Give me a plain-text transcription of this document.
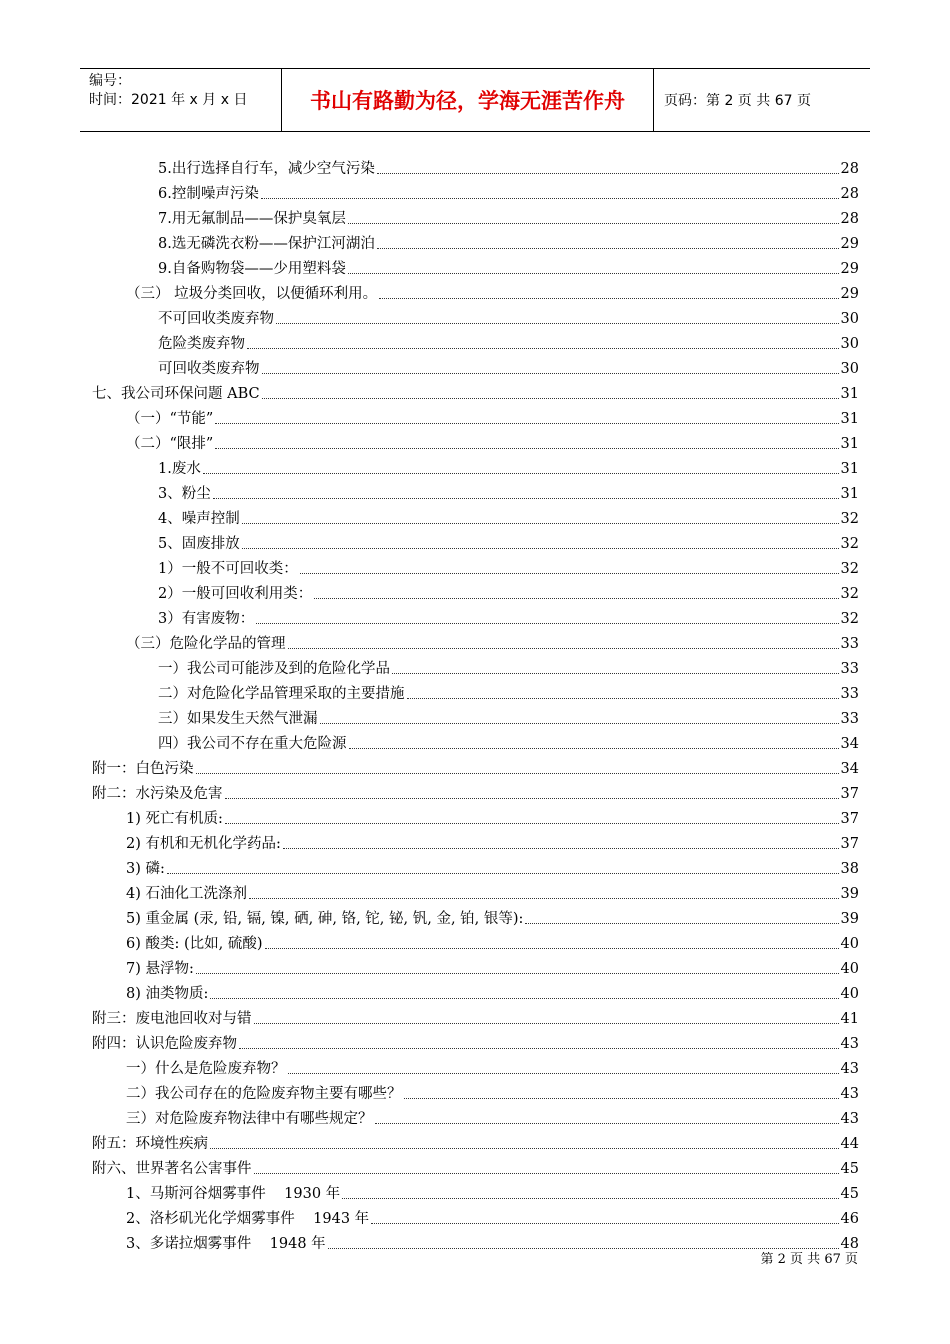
编号：
时间：2021 年 x 月 x 日	书山有路勤为径，学海无涯苦作舟	页码：第 2 页 共 67 页
5.出行选择自行车，减少空气污染	28
6.控制噪声污染	28
7.用无氟制品——保护臭氧层	28
8.选无磷洗衣粉——保护江河湖泊	29
9.自备购物袋——少用塑料袋	29
（三） 垃圾分类回收，以便循环利用。	29
不可回收类废弃物	30
危险类废弃物	30
可回收类废弃物	30
七、我公司环保问题 ABC	31
（一）“节能”	31
（二）“限排”	31
1.废水	31
3、粉尘	31
4、噪声控制	32
5、固废排放	32
1）一般不可回收类：	32
2）一般可回收利用类：	32
3）有害废物：	32
（三）危险化学品的管理	33
一）我公司可能涉及到的危险化学品	33
二）对危险化学品管理采取的主要措施	33
三）如果发生天然气泄漏	33
四）我公司不存在重大危险源	34
附一：白色污染	34
附二：水污染及危害	37
1) 死亡有机质:	37
2) 有机和无机化学药品:	37
3) 磷:	38
4) 石油化工洗涤剂	39
5) 重金属 (汞, 铅, 镉, 镍, 硒, 砷, 铬, 铊, 铋, 钒, 金, 铂, 银等):	39
6) 酸类: (比如, 硫酸)	40
7) 悬浮物:	40
8) 油类物质:	40
附三：废电池回收对与错	41
附四：认识危险废弃物	43
一）什么是危险废弃物？	43
二）我公司存在的危险废弃物主要有哪些？	43
三）对危险废弃物法律中有哪些规定？	43
附五：环境性疾病	44
附六、世界著名公害事件	45
1、马斯河谷烟雾事件    1930 年	45
2、洛杉矶光化学烟雾事件    1943 年	46
3、多诺拉烟雾事件    1948 年	48
第 2 页 共 67 页
